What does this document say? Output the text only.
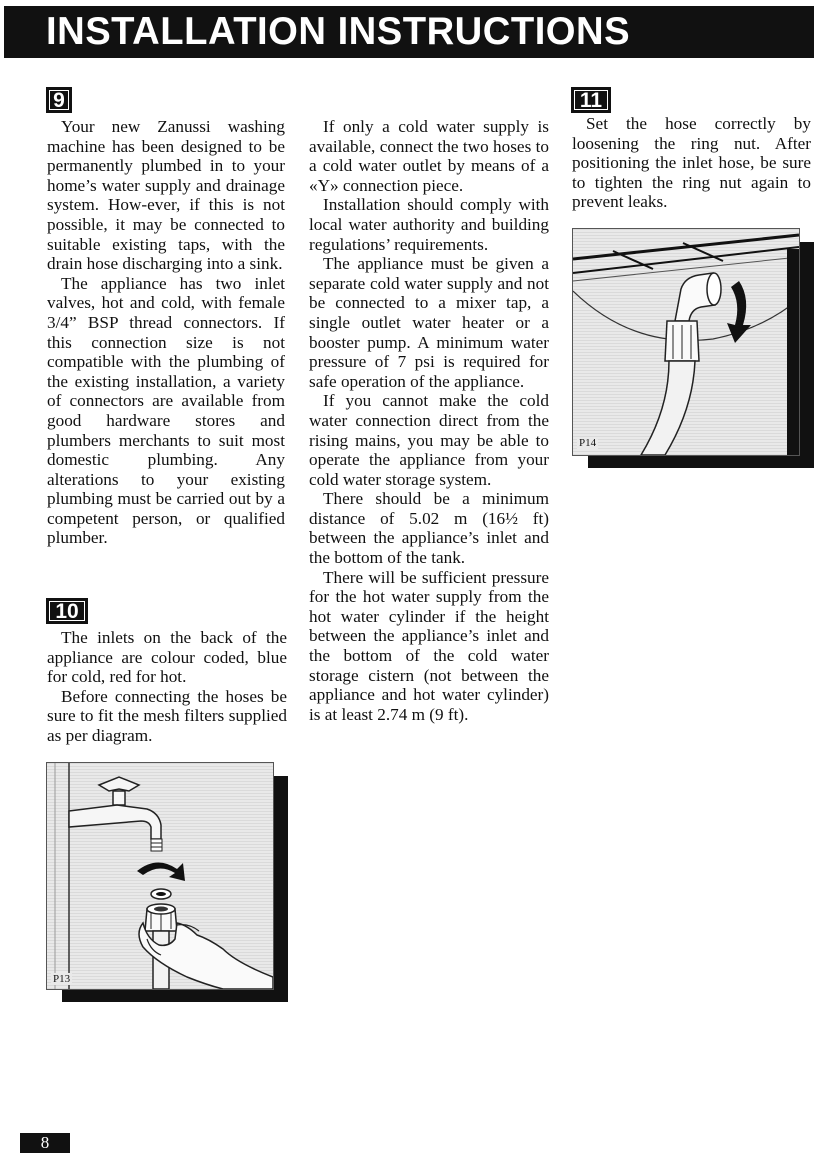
INSTALLATION INSTRUCTIONS
9

Your new Zanussi washing machine has been designed to be permanently plumbed in to your home’s water supply and drainage system. How-ever, if this is not possible, it may be connected to suitable existing taps, with the drain hose discharging into a sink.

The appliance has two inlet valves, hot and cold, with female 3/4” BSP thread connectors. If this connection size is not compatible with the plumbing of the existing installation, a variety of connectors are available from good hardware stores and plumbers merchants to suit most domestic plumbing. Any alterations to your existing plumbing must be carried out by a competent person, or qualified plumber.

10

The inlets on the back of the appliance are colour coded, blue for cold, red for hot.

Before connecting the hoses be sure to fit the mesh filters supplied as per diagram.

P13

If only a cold water supply is available, connect the two hoses to a cold water outlet by means of a «Y» connection piece.

Installation should comply with local water authority and building regulations’ requirements.

The appliance must be given a separate cold water supply and not be connected to a mixer tap, a single outlet water heater or a booster pump. A minimum water pressure of 7 psi is required for safe operation of the appliance.

If you cannot make the cold water connection direct from the rising mains, you may be able to operate the appliance from your cold water storage system.

There should be a minimum distance of 5.02 m (16½ ft) between the appliance’s inlet and the bottom of the tank.

There will be sufficient pressure for the hot water supply from the hot water cylinder if the height between the appliance’s inlet and the bottom of the cold water storage cistern (not between the appliance and hot water cylinder) is at least 2.74 m (9 ft).

11

Set the hose correctly by loosening the ring nut. After positioning the inlet hose, be sure to tighten the ring nut again to prevent leaks.

P14
8
